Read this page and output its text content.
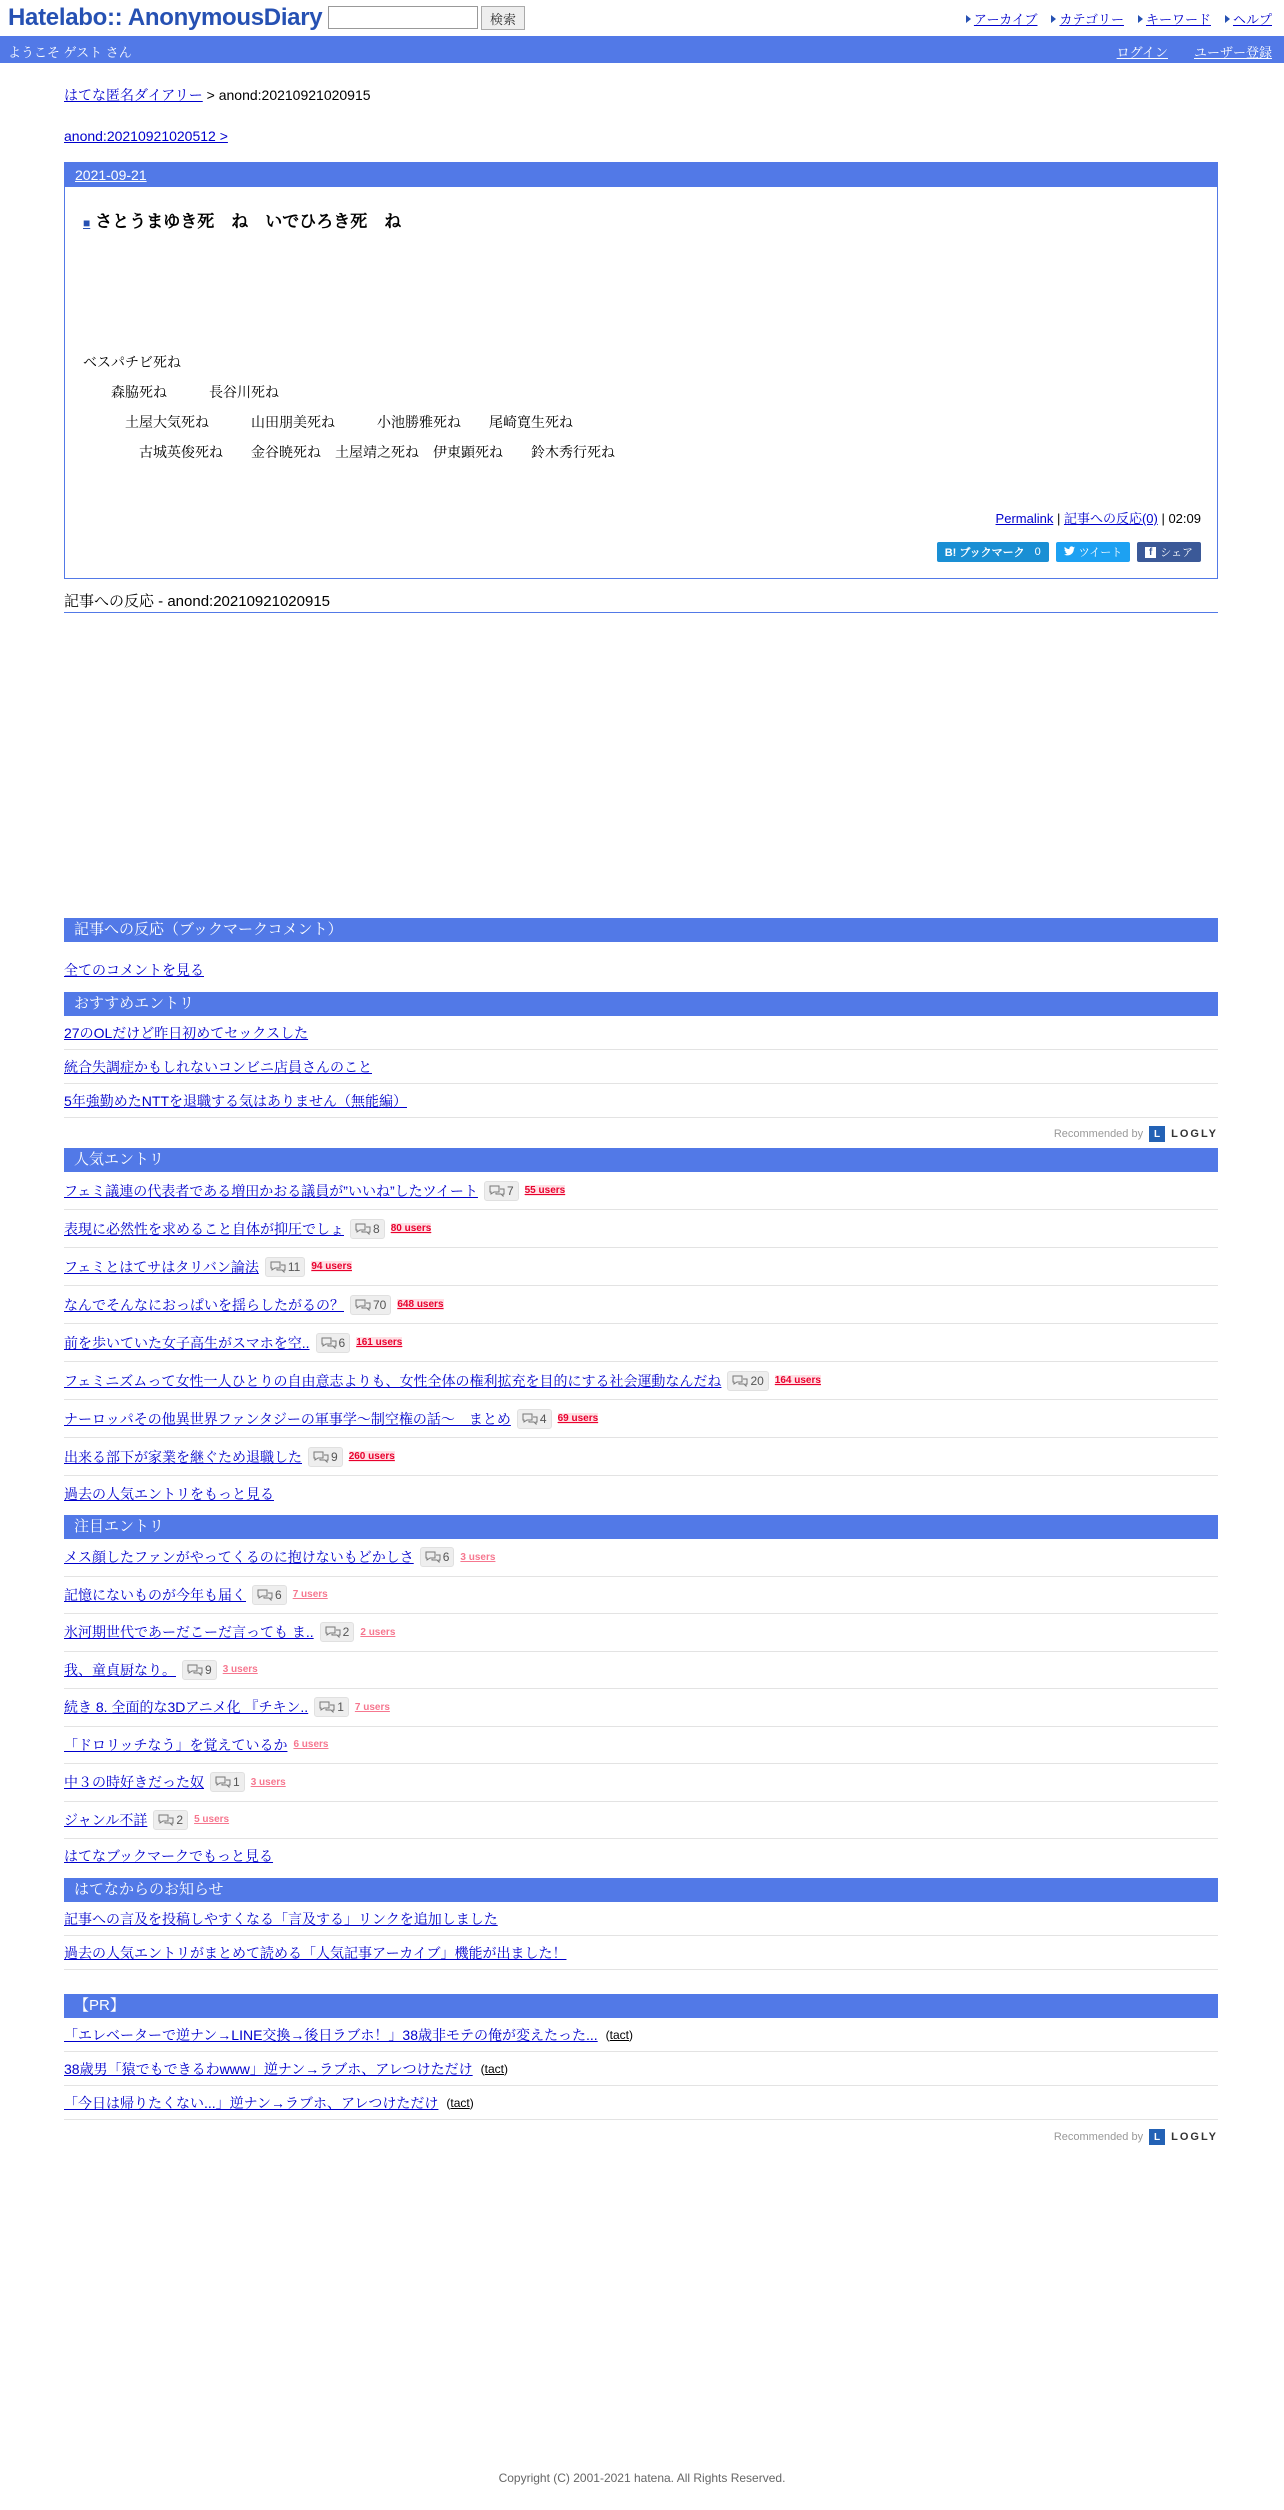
Hatelabo:: AnonymousDiary	検索	アーカイブ カテゴリー キーワード ヘルプ
ようこそ ゲスト さん	ログイン ユーザー登録
はてな匿名ダイアリー > anond:20210921020915
anond:20210921020512 >
2021-09-21
■ さとうまゆき死　ね　いでひろき死　ね
ベスパチビ死ね
　　森脇死ね　　　長谷川死ね
　　　土屋大気死ね　　　山田朋美死ね　　　小池勝雅死ね　　尾崎寛生死ね
　　　　古城英俊死ね　　金谷暁死ね　土屋靖之死ね　伊東顕死ね　　鈴木秀行死ね
Permalink | 記事への反応(0) | 02:09
B! ブックマーク 0	ツイート	f シェア
記事への反応 - anond:20210921020915
記事への反応（ブックマークコメント）
全てのコメントを見る
おすすめエントリ
27のOLだけど昨日初めてセックスした
統合失調症かもしれないコンビニ店員さんのこと
5年強勤めたNTTを退職する気はありません（無能編）
Recommended by	L LOGLY
人気エントリ
フェミ議連の代表者である増田かおる議員が”いいね”したツイート 7 55 users
表現に必然性を求めること自体が抑圧でしょ 8 80 users
フェミとはてサはタリバン論法 11 94 users
なんでそんなにおっぱいを揺らしたがるの？ 70 648 users
前を歩いていた女子高生がスマホを空.. 6 161 users
フェミニズムって女性一人ひとりの自由意志よりも、女性全体の権利拡充を目的にする社会運動なんだね 20 164 users
ナーロッパその他異世界ファンタジーの軍事学～制空権の話～　まとめ 4 69 users
出来る部下が家業を継ぐため退職した 9 260 users
過去の人気エントリをもっと見る
注目エントリ
メス顔したファンがやってくるのに抱けないもどかしさ 6 3 users
記憶にないものが今年も届く 6 7 users
氷河期世代であーだこーだ言っても ま.. 2 2 users
我、童貞厨なり。 9 3 users
続き 8. 全面的な3Dアニメ化 『チキン.. 1 7 users
「ドロリッチなう」を覚えているか 6 users
中３の時好きだった奴 1 3 users
ジャンル不詳 2 5 users
はてなブックマークでもっと見る
はてなからのお知らせ
記事への言及を投稿しやすくなる「言及する」リンクを追加しました
過去の人気エントリがまとめて読める「人気記事アーカイブ」機能が出ました！
【PR】
「エレベーターで逆ナン→LINE交換→後日ラブホ！」38歳非モテの俺が変えたった... (tact)
38歳男「猿でもできるわwww」逆ナン→ラブホ、アレつけただけ (tact)
「今日は帰りたくない...」逆ナン→ラブホ、アレつけただけ (tact)
Recommended by	L LOGLY
Copyright (C) 2001-2021 hatena. All Rights Reserved.
